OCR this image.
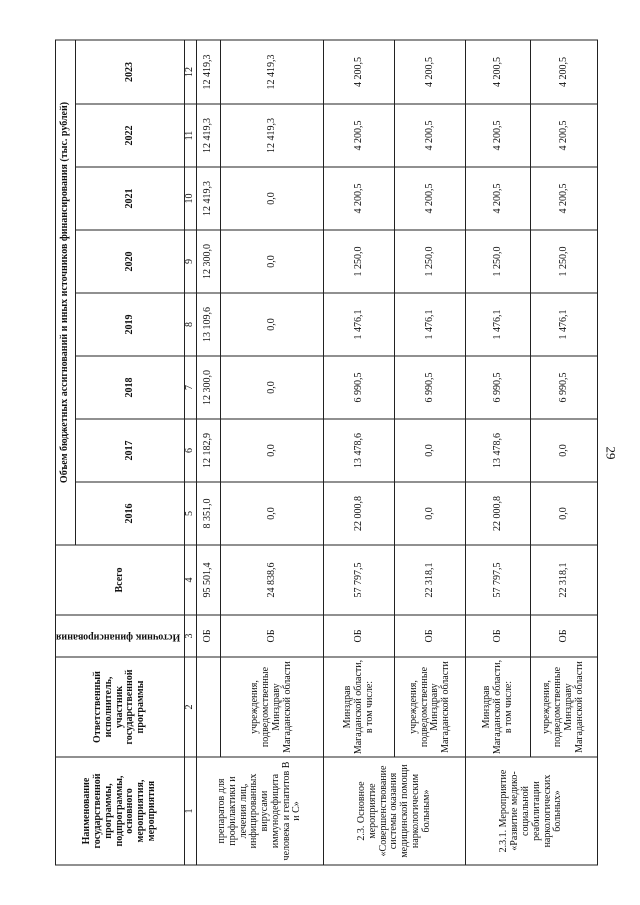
29
Наименование государственной программы, подпрограммы, основного мероприятия, мероприятия	Ответственный исполнитель, участник государственной программы	Источник финансирования	Всего	Объем бюджетных ассигнований и иных источников финансирования (тыс. рублей)							
				2016	2017	2018	2019	2020	2021	2022	2023
1	2	3	4	5	6	7	8	9	10	11	12
препаратов для профилактики и лечения лиц, инфицированных вирусами иммунодефицита человека и гепатитов В и С»		ОБ	95 501,4	8 351,0	12 182,9	12 300,0	13 109,6	12 300,0	12 419,3	12 419,3	12 419,3
	учреждения, подведомственные Минздраву Магаданской области	ОБ	24 838,6	0,0	0,0	0,0	0,0	0,0	0,0	12 419,3	12 419,3
2.3. Основное мероприятие «Совершенствование системы оказания медицинской помощи наркологическим больным»	Минздрав Магаданской области, в том числе:	ОБ	57 797,5	22 000,8	13 478,6	6 990,5	1 476,1	1 250,0	4 200,5	4 200,5	4 200,5
	учреждения, подведомственные Минздраву Магаданской области	ОБ	22 318,1	0,0	0,0	6 990,5	1 476,1	1 250,0	4 200,5	4 200,5	4 200,5
2.3.1. Мероприятие «Развитие медико-социальной реабилитации наркологических больных»	Минздрав Магаданской области, в том числе:	ОБ	57 797,5	22 000,8	13 478,6	6 990,5	1 476,1	1 250,0	4 200,5	4 200,5	4 200,5
	учреждения, подведомственные Минздраву Магаданской области	ОБ	22 318,1	0,0	0,0	6 990,5	1 476,1	1 250,0	4 200,5	4 200,5	4 200,5
